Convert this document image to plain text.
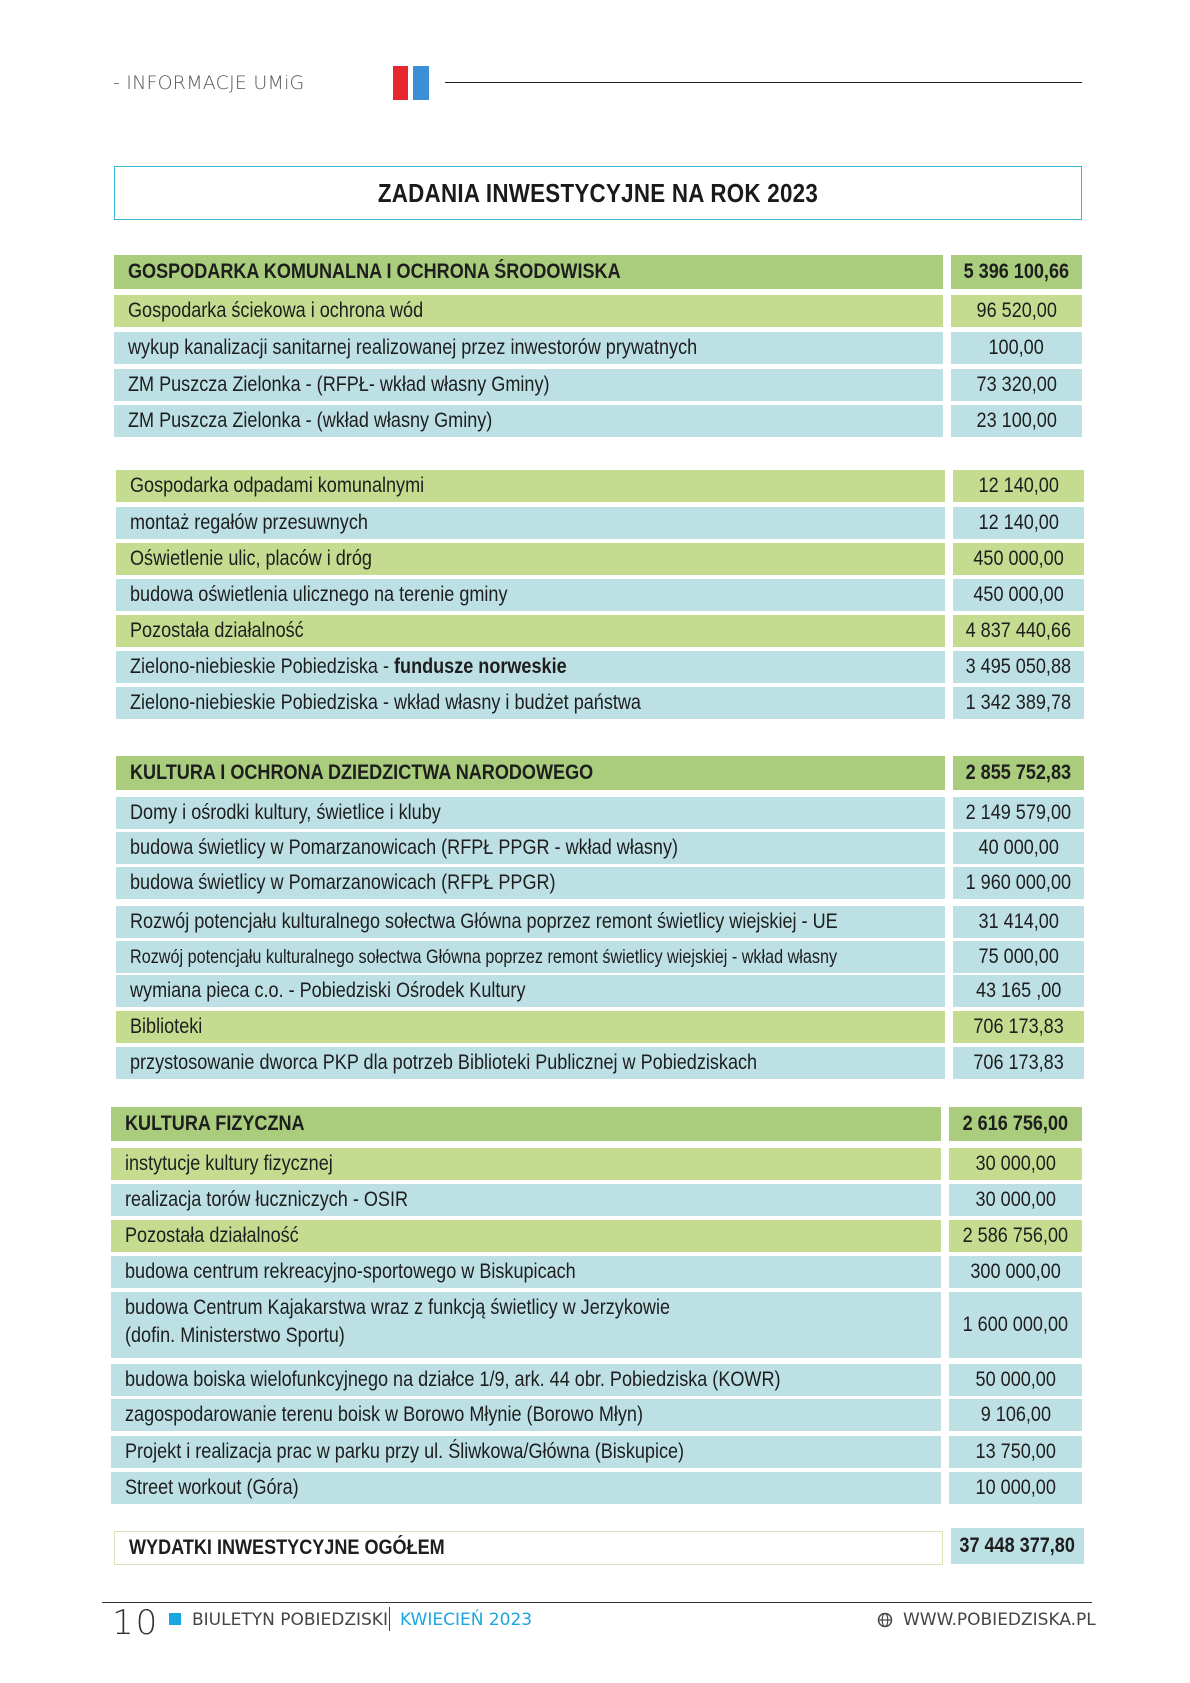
- INFORMACJE UMiG
ZADANIA INWESTYCYJNE NA ROK 2023
GOSPODARKA KOMUNALNA I OCHRONA ŚRODOWISKA	5 396 100,66
Gospodarka ściekowa i ochrona wód	96 520,00
wykup kanalizacji sanitarnej realizowanej przez inwestorów prywatnych	100,00
ZM Puszcza Zielonka - (RFPŁ- wkład własny Gminy)	73 320,00
ZM Puszcza Zielonka - (wkład własny Gminy)	23 100,00
Gospodarka odpadami komunalnymi	12 140,00
montaż regałów przesuwnych	12 140,00
Oświetlenie ulic, placów i dróg	450 000,00
budowa oświetlenia ulicznego na terenie gminy	450 000,00
Pozostała działalność	4 837 440,66
Zielono-niebieskie Pobiedziska - fundusze norweskie	3 495 050,88
Zielono-niebieskie Pobiedziska - wkład własny i budżet państwa	1 342 389,78
KULTURA I OCHRONA DZIEDZICTWA NARODOWEGO	2 855 752,83
Domy i ośrodki kultury, świetlice i kluby	2 149 579,00
budowa świetlicy w Pomarzanowicach (RFPŁ PPGR - wkład własny)	40 000,00
budowa świetlicy w Pomarzanowicach (RFPŁ PPGR)	1 960 000,00
Rozwój potencjału kulturalnego sołectwa Główna poprzez remont świetlicy wiejskiej - UE	31 414,00
Rozwój potencjału kulturalnego sołectwa Główna poprzez remont świetlicy wiejskiej - wkład własny	75 000,00
wymiana pieca c.o. - Pobiedziski Ośrodek Kultury	43 165 ,00
Biblioteki	706 173,83
przystosowanie dworca PKP dla potrzeb Biblioteki Publicznej w Pobiedziskach	706 173,83
KULTURA FIZYCZNA	2 616 756,00
instytucje kultury fizycznej	30 000,00
realizacja torów łuczniczych - OSIR	30 000,00
Pozostała działalność	2 586 756,00
budowa centrum rekreacyjno-sportowego w Biskupicach	300 000,00
budowa Centrum Kajakarstwa wraz z funkcją świetlicy w Jerzykowie
(dofin. Ministerstwo Sportu)	1 600 000,00
budowa boiska wielofunkcyjnego na działce 1/9, ark. 44 obr. Pobiedziska (KOWR)	50 000,00
zagospodarowanie terenu boisk w Borowo Młynie (Borowo Młyn)	9 106,00
Projekt i realizacja prac w parku przy ul. Śliwkowa/Główna (Biskupice)	13 750,00
Street workout (Góra)	10 000,00
WYDATKI INWESTYCYJNE OGÓŁEM	37 448 377,80
10 BIULETYN POBIEDZISKI KWIECIEŃ 2023	WWW.POBIEDZISKA.PL
